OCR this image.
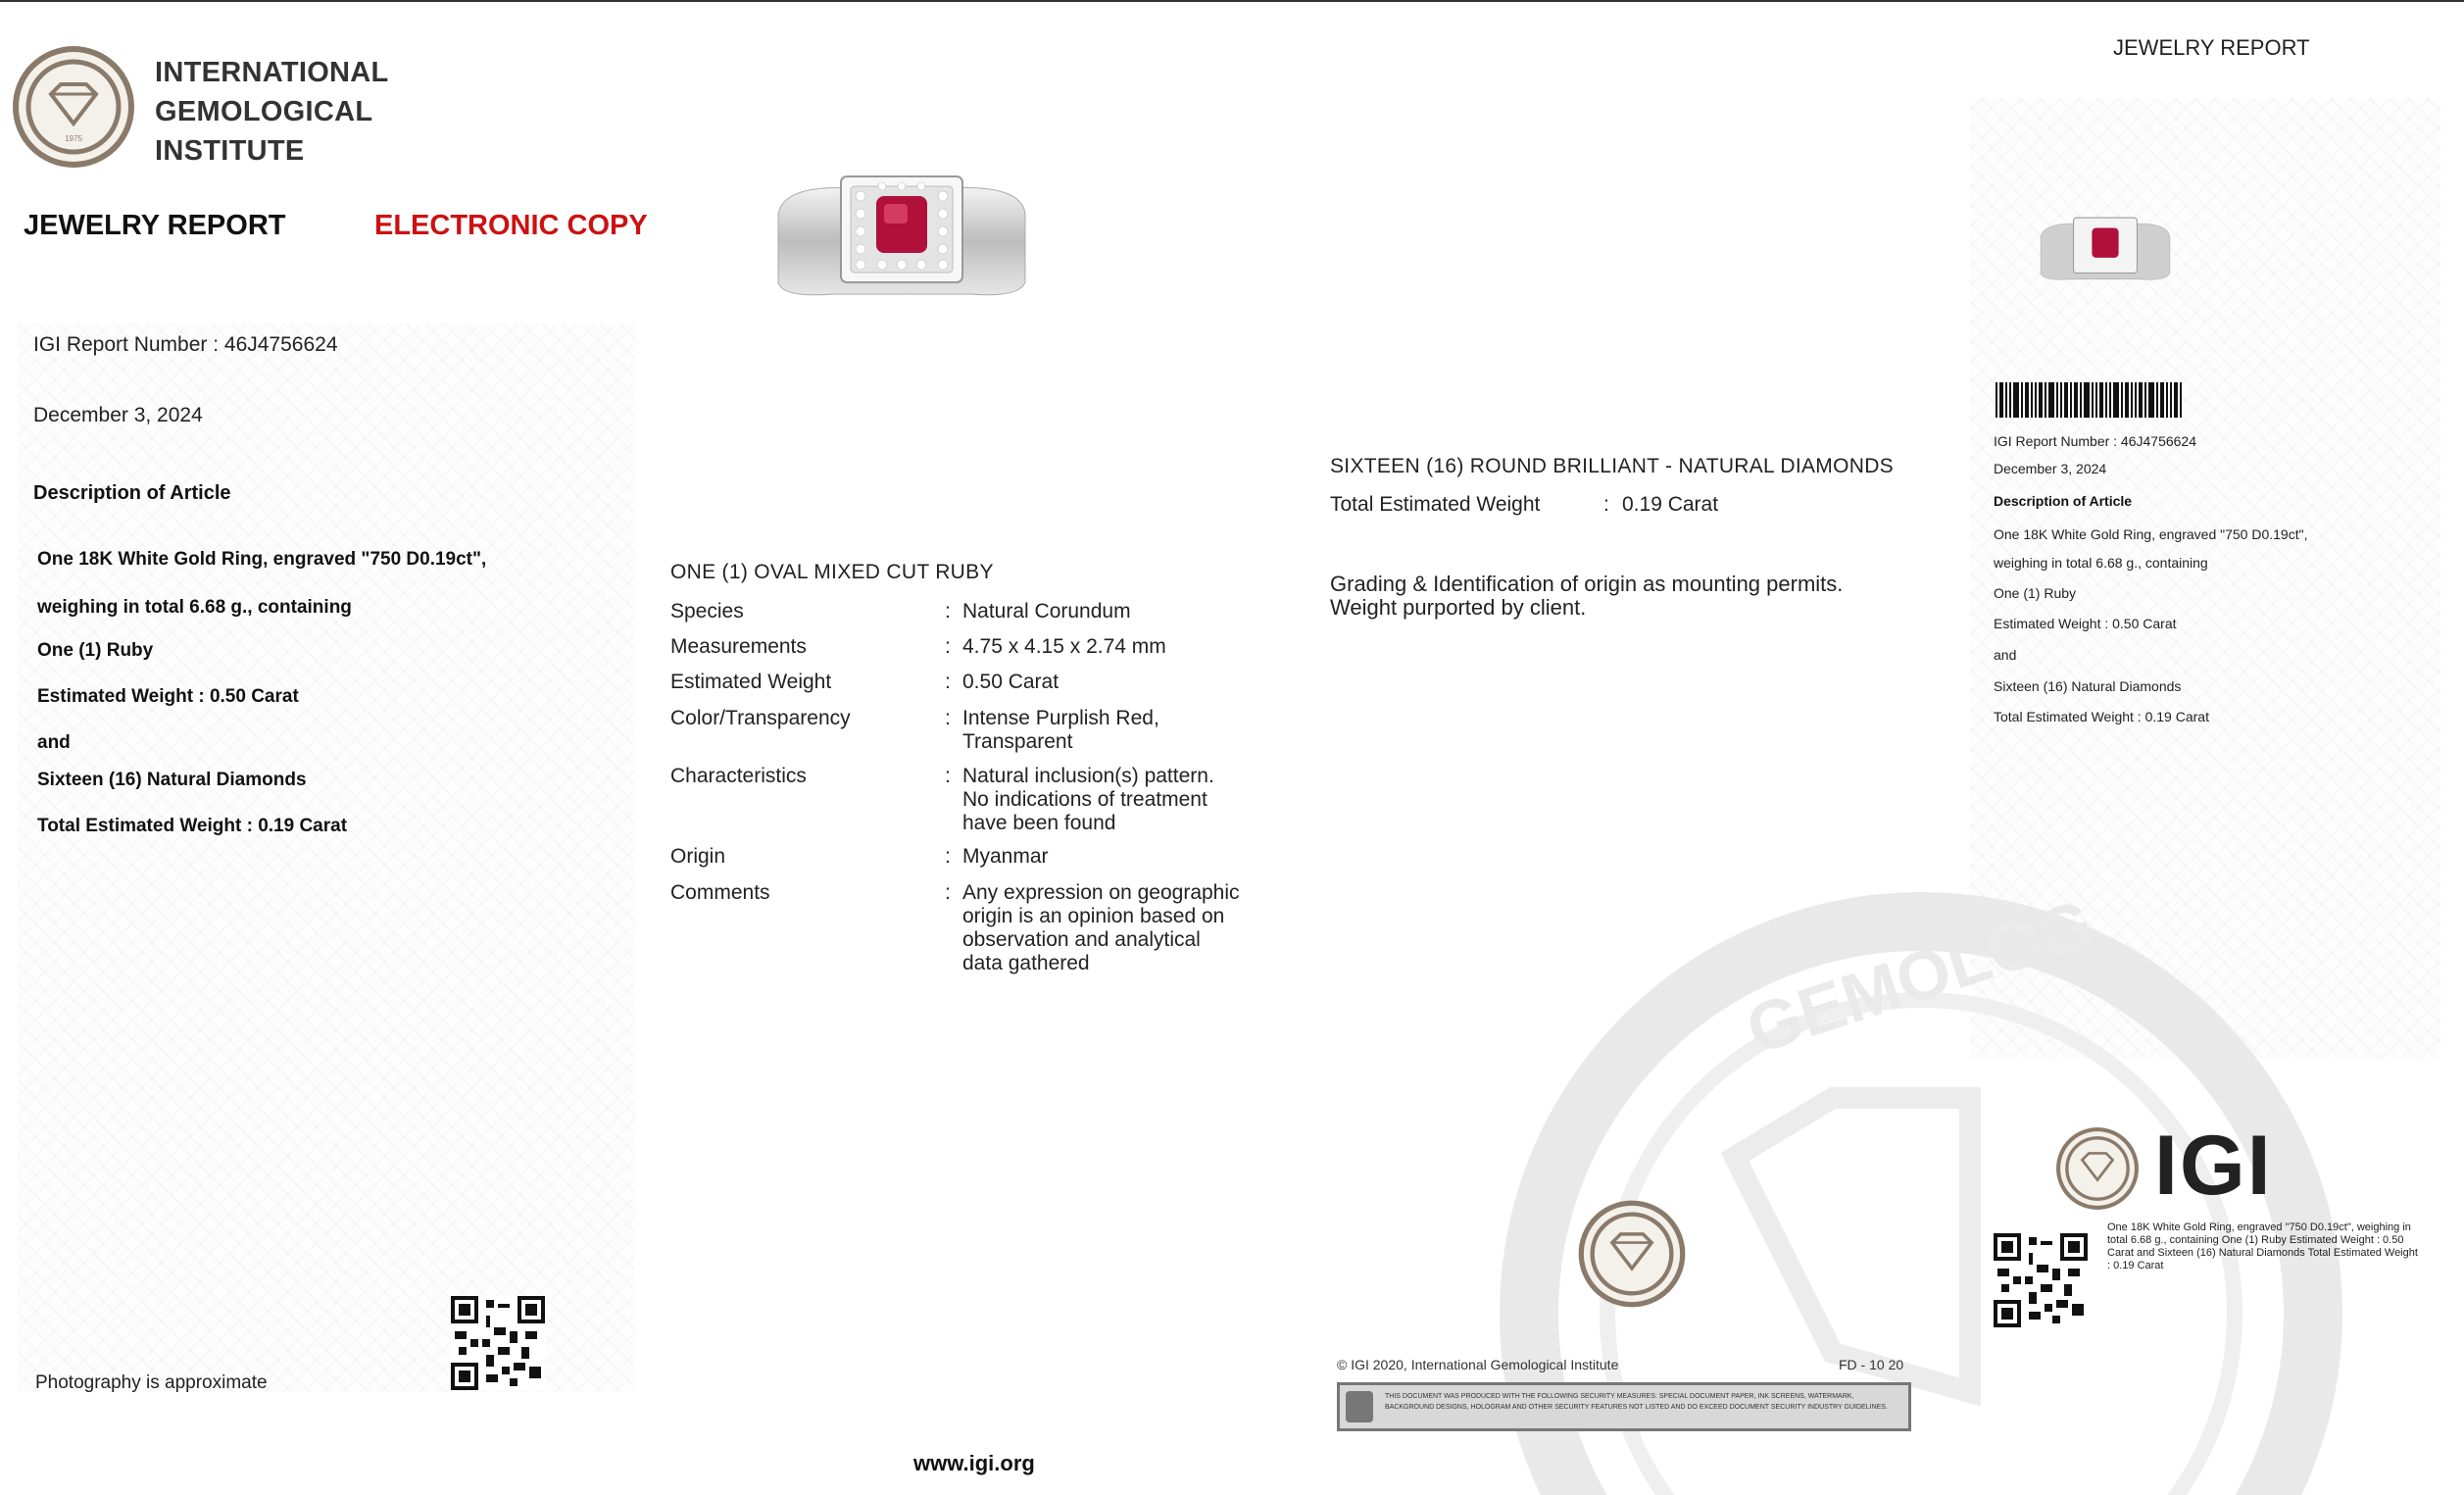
GEMOLOG
1975
INTERNATIONAL
GEMOLOGICAL
INSTITUTE
JEWELRY REPORT	ELECTRONIC COPY
IGI Report Number : 46J4756624
December 3, 2024
Description of Article
One 18K White Gold Ring, engraved "750 D0.19ct",
weighing in total 6.68 g., containing
One (1) Ruby
Estimated Weight : 0.50 Carat
and
Sixteen (16) Natural Diamonds
Total Estimated Weight : 0.19 Carat
Photography is approximate
ONE (1) OVAL MIXED CUT RUBY
Species	: Natural Corundum
Measurements	: 4.75 x 4.15 x 2.74 mm
Estimated Weight	: 0.50 Carat
Color/Transparency	: Intense Purplish Red,
Transparent
Characteristics	: Natural inclusion(s) pattern.
No indications of treatment
have been found
Origin	: Myanmar
Comments	: Any expression on geographic
origin is an opinion based on
observation and analytical
data gathered
www.igi.org
SIXTEEN (16) ROUND BRILLIANT - NATURAL DIAMONDS
Total Estimated Weight	: 0.19 Carat
Grading & Identification of origin as mounting permits.
Weight purported by client.
© IGI 2020, International Gemological Institute	FD - 10 20
THIS DOCUMENT WAS PRODUCED WITH THE FOLLOWING SECURITY MEASURES: SPECIAL DOCUMENT PAPER, INK SCREENS, WATERMARK, BACKGROUND DESIGNS, HOLOGRAM AND OTHER SECURITY FEATURES NOT LISTED AND DO EXCEED DOCUMENT SECURITY INDUSTRY GUIDELINES.
JEWELRY REPORT
IGI Report Number : 46J4756624
December 3, 2024
Description of Article
One 18K White Gold Ring, engraved "750 D0.19ct",
weighing in total 6.68 g., containing
One (1) Ruby
Estimated Weight : 0.50 Carat
and
Sixteen (16) Natural Diamonds
Total Estimated Weight : 0.19 Carat
IGI
One 18K White Gold Ring, engraved "750 D0.19ct", weighing in total 6.68 g., containing One (1) Ruby Estimated Weight : 0.50 Carat and Sixteen (16) Natural Diamonds Total Estimated Weight : 0.19 Carat
